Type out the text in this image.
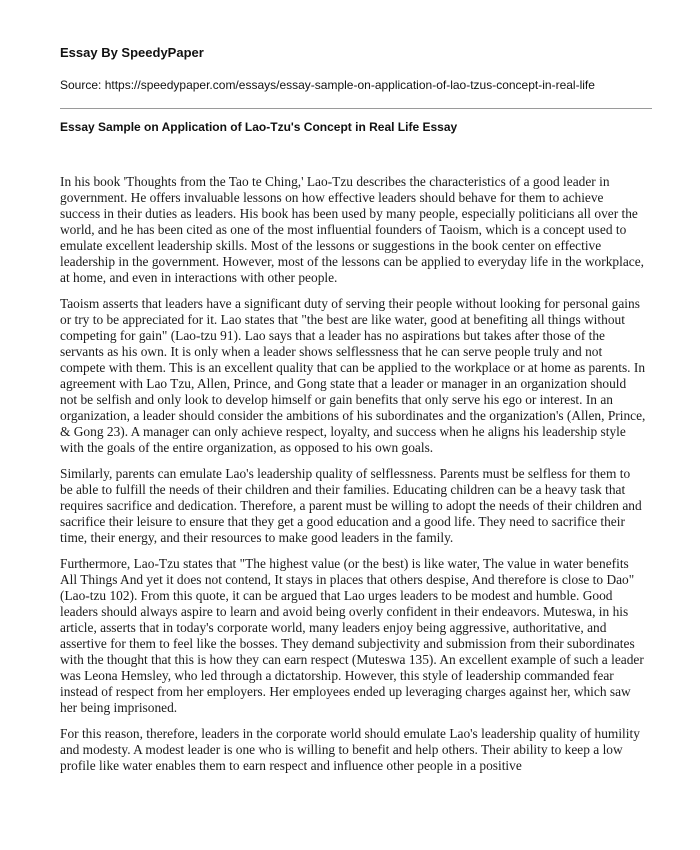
Essay By SpeedyPaper
Source: https://speedypaper.com/essays/essay-sample-on-application-of-lao-tzus-concept-in-real-life
Essay Sample on Application of Lao-Tzu's Concept in Real Life Essay

In his book 'Thoughts from the Tao te Ching,' Lao-Tzu describes the characteristics of a good leader in government. He offers invaluable lessons on how effective leaders should behave for them to achieve success in their duties as leaders. His book has been used by many people, especially politicians all over the world, and he has been cited as one of the most influential founders of Taoism, which is a concept used to emulate excellent leadership skills. Most of the lessons or suggestions in the book center on effective leadership in the government. However, most of the lessons can be applied to everyday life in the workplace, at home, and even in interactions with other people.

Taoism asserts that leaders have a significant duty of serving their people without looking for personal gains or try to be appreciated for it. Lao states that "the best are like water, good at benefiting all things without competing for gain" (Lao-tzu 91). Lao says that a leader has no aspirations but takes after those of the servants as his own. It is only when a leader shows selflessness that he can serve people truly and not compete with them. This is an excellent quality that can be applied to the workplace or at home as parents. In agreement with Lao Tzu, Allen, Prince, and Gong state that a leader or manager in an organization should not be selfish and only look to develop himself or gain benefits that only serve his ego or interest. In an organization, a leader should consider the ambitions of his subordinates and the organization's (Allen, Prince, & Gong 23). A manager can only achieve respect, loyalty, and success when he aligns his leadership style with the goals of the entire organization, as opposed to his own goals.

Similarly, parents can emulate Lao's leadership quality of selflessness. Parents must be selfless for them to be able to fulfill the needs of their children and their families. Educating children can be a heavy task that requires sacrifice and dedication. Therefore, a parent must be willing to adopt the needs of their children and sacrifice their leisure to ensure that they get a good education and a good life. They need to sacrifice their time, their energy, and their resources to make good leaders in the family.

Furthermore, Lao-Tzu states that "The highest value (or the best) is like water, The value in water benefits All Things And yet it does not contend, It stays in places that others despise, And therefore is close to Dao" (Lao-tzu 102). From this quote, it can be argued that Lao urges leaders to be modest and humble. Good leaders should always aspire to learn and avoid being overly confident in their endeavors. Muteswa, in his article, asserts that in today's corporate world, many leaders enjoy being aggressive, authoritative, and assertive for them to feel like the bosses. They demand subjectivity and submission from their subordinates with the thought that this is how they can earn respect (Muteswa 135). An excellent example of such a leader was Leona Hemsley, who led through a dictatorship. However, this style of leadership commanded fear instead of respect from her employers. Her employees ended up leveraging charges against her, which saw her being imprisoned.

For this reason, therefore, leaders in the corporate world should emulate Lao's leadership quality of humility and modesty. A modest leader is one who is willing to benefit and help others. Their ability to keep a low profile like water enables them to earn respect and influence other people in a positive
